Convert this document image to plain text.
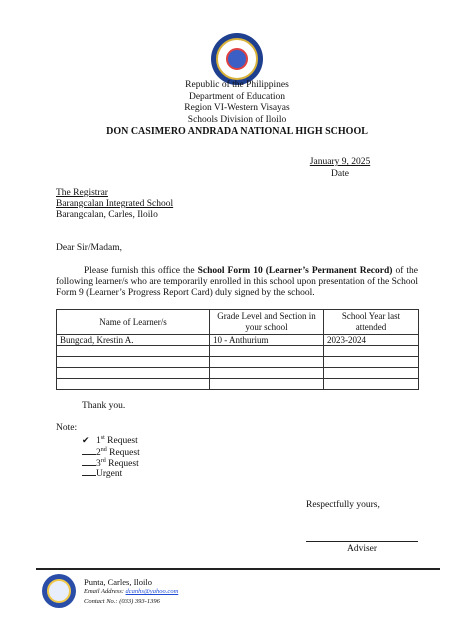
Republic of the Philippines
Department of Education
Region VI-Western Visayas
Schools Division of Iloilo
DON CASIMERO ANDRADA NATIONAL HIGH SCHOOL
January 9, 2025
Date
The Registrar
Barangcalan Integrated School
Barangcalan, Carles, Iloilo
Dear Sir/Madam,
Please furnish this office the School Form 10 (Learner’s Permanent Record) of the following learner/s who are temporarily enrolled in this school upon presentation of the School Form 9 (Learner’s Progress Report Card) duly signed by the school.
Name of Learner/s	Grade Level and Section in your school	School Year last attended
Bungcad, Krestin A.	10 - Anthurium	2023-2024

Thank you.
Note:
✔ 1st Request
2nd Request
3rd Request
Urgent
Respectfully yours,
Adviser
Punta, Carles, Iloilo
Email Address: dcanhs@yahoo.com
Contact No.: (033) 393-1396
